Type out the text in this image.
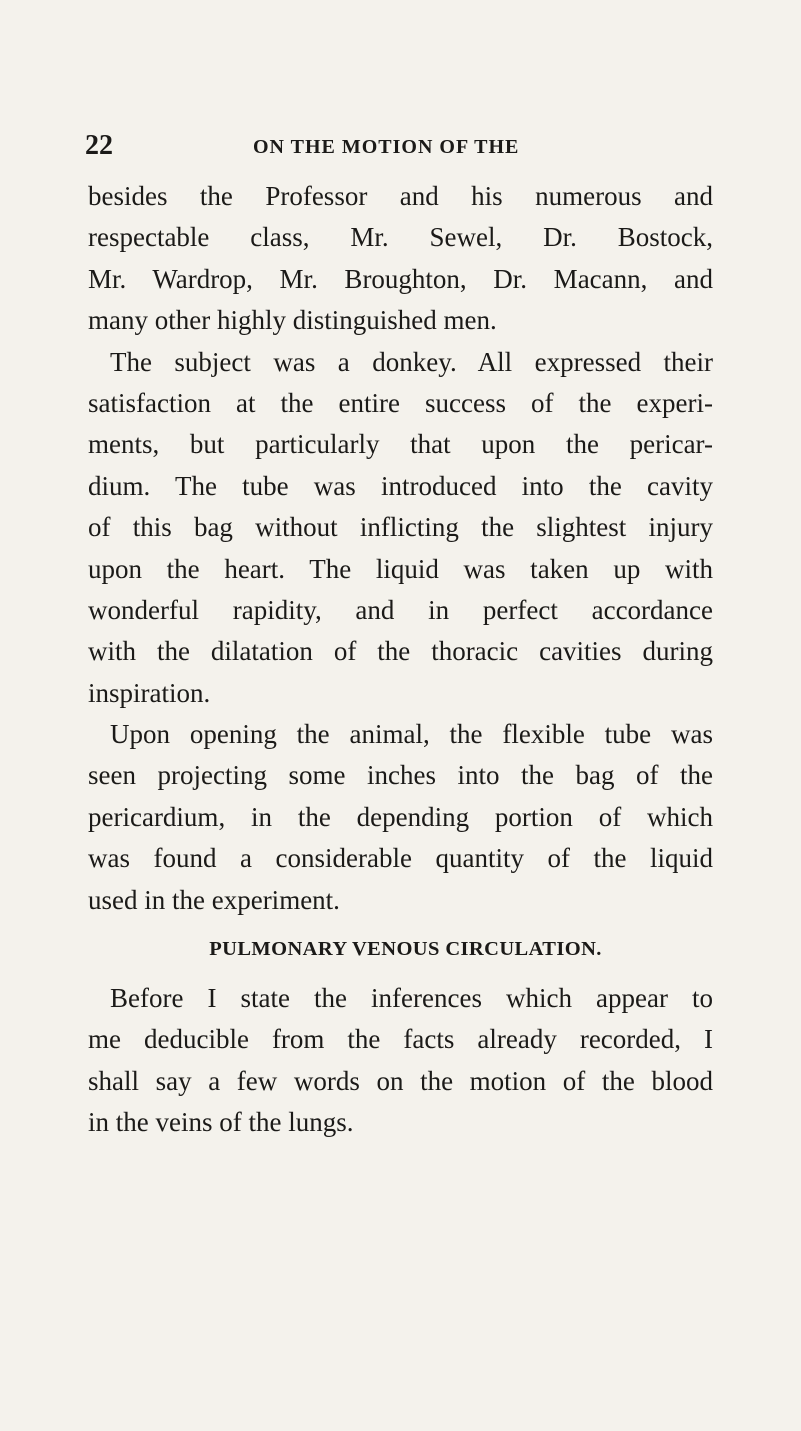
22	ON THE MOTION OF THE
besides the Professor and his numerous and
respectable class, Mr. Sewel, Dr. Bostock,
Mr. Wardrop, Mr. Broughton, Dr. Macann, and
many other highly distinguished men.
The subject was a donkey. All expressed their
satisfaction at the entire success of the experi-
ments, but particularly that upon the pericar-
dium. The tube was introduced into the cavity
of this bag without inflicting the slightest injury
upon the heart. The liquid was taken up with
wonderful rapidity, and in perfect accordance
with the dilatation of the thoracic cavities during
inspiration.
Upon opening the animal, the flexible tube was
seen projecting some inches into the bag of the
pericardium, in the depending portion of which
was found a considerable quantity of the liquid
used in the experiment.
PULMONARY VENOUS CIRCULATION.
Before I state the inferences which appear to
me deducible from the facts already recorded, I
shall say a few words on the motion of the blood
in the veins of the lungs.
